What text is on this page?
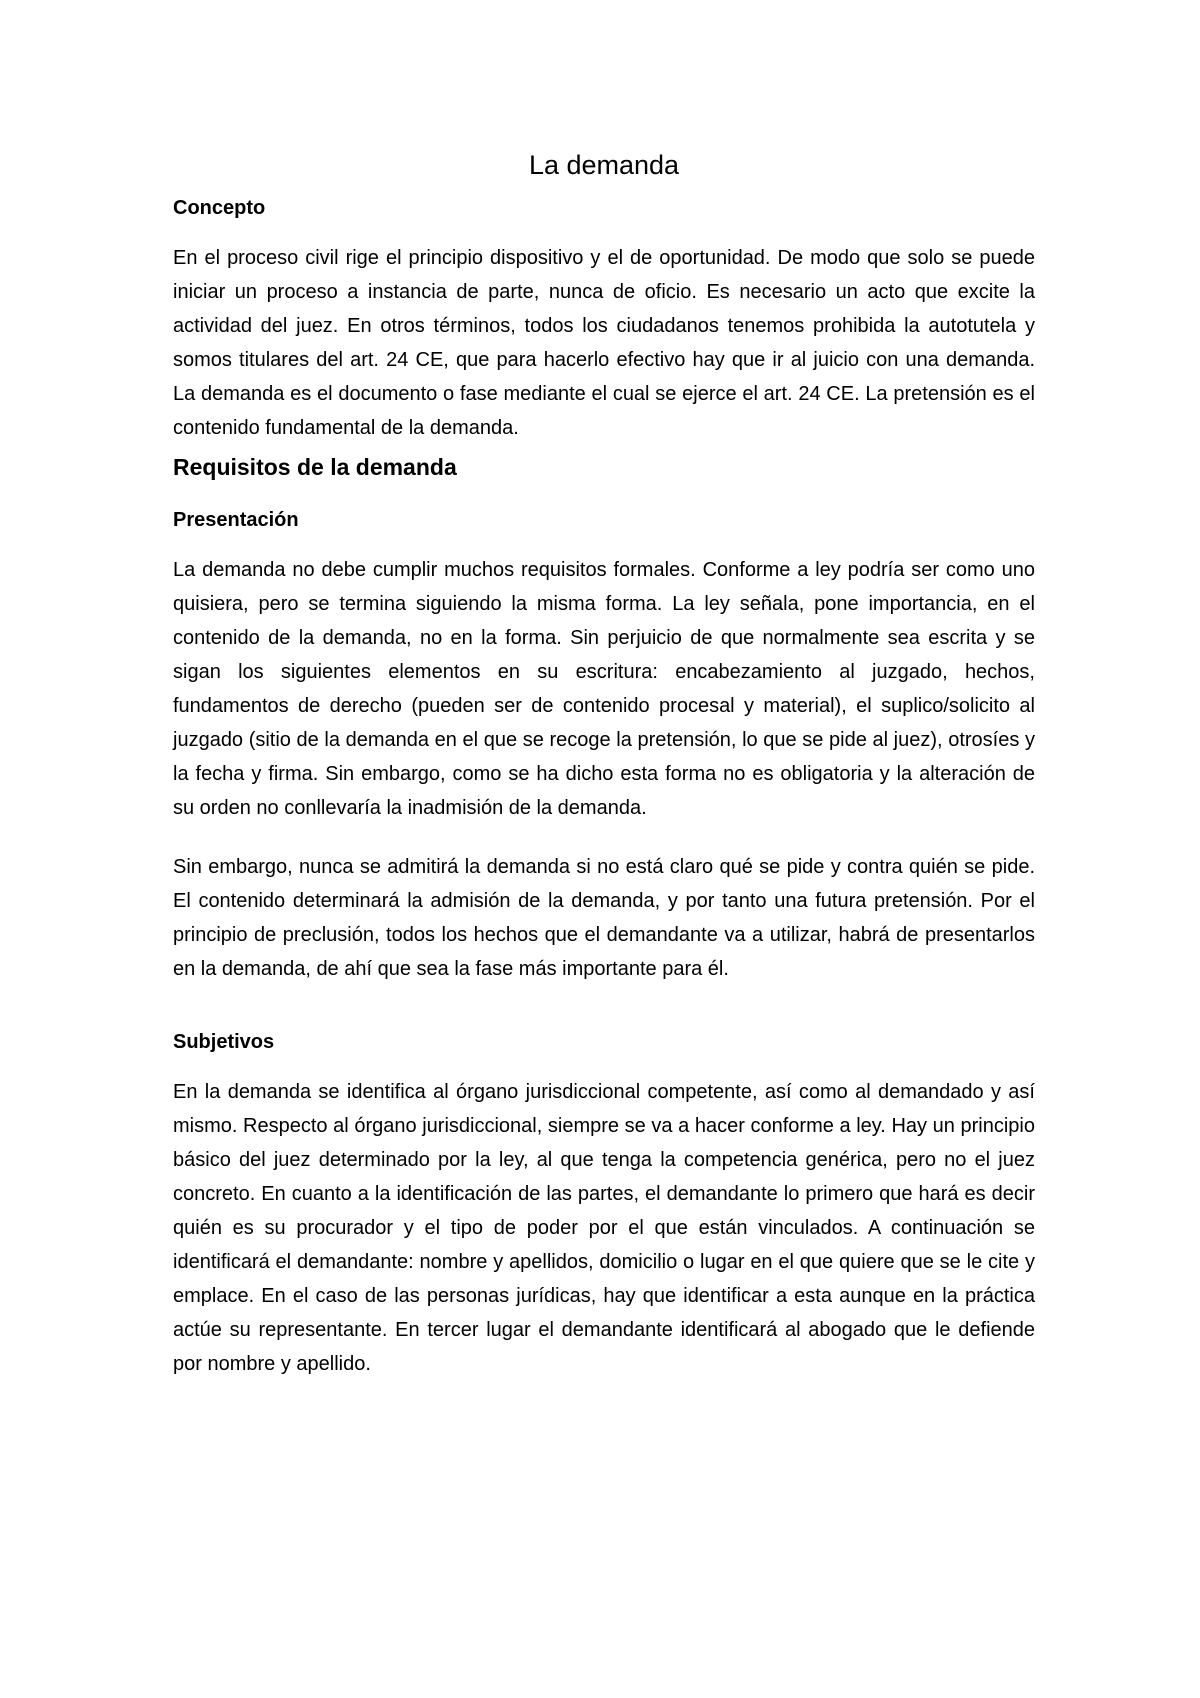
La demanda
Concepto

En el proceso civil rige el principio dispositivo y el de oportunidad. De modo que solo se puede iniciar un proceso a instancia de parte, nunca de oficio. Es necesario un acto que excite la actividad del juez. En otros términos, todos los ciudadanos tenemos prohibida la autotutela y somos titulares del art. 24 CE, que para hacerlo efectivo hay que ir al juicio con una demanda. La demanda es el documento o fase mediante el cual se ejerce el art. 24 CE. La pretensión es el contenido fundamental de la demanda.

Requisitos de la demanda
Presentación

La demanda no debe cumplir muchos requisitos formales. Conforme a ley podría ser como uno quisiera, pero se termina siguiendo la misma forma. La ley señala, pone importancia, en el contenido de la demanda, no en la forma. Sin perjuicio de que normalmente sea escrita y se sigan los siguientes elementos en su escritura: encabezamiento al juzgado, hechos, fundamentos de derecho (pueden ser de contenido procesal y material), el suplico/solicito al juzgado (sitio de la demanda en el que se recoge la pretensión, lo que se pide al juez), otrosíes y la fecha y firma. Sin embargo, como se ha dicho esta forma no es obligatoria y la alteración de su orden no conllevaría la inadmisión de la demanda.

Sin embargo, nunca se admitirá la demanda si no está claro qué se pide y contra quién se pide. El contenido determinará la admisión de la demanda, y por tanto una futura pretensión. Por el principio de preclusión, todos los hechos que el demandante va a utilizar, habrá de presentarlos en la demanda, de ahí que sea la fase más importante para él.

Subjetivos

En la demanda se identifica al órgano jurisdiccional competente, así como al demandado y así mismo. Respecto al órgano jurisdiccional, siempre se va a hacer conforme a ley. Hay un principio básico del juez determinado por la ley, al que tenga la competencia genérica, pero no el juez concreto. En cuanto a la identificación de las partes, el demandante lo primero que hará es decir quién es su procurador y el tipo de poder por el que están vinculados. A continuación se identificará el demandante: nombre y apellidos, domicilio o lugar en el que quiere que se le cite y emplace. En el caso de las personas jurídicas, hay que identificar a esta aunque en la práctica actúe su representante. En tercer lugar el demandante identificará al abogado que le defiende por nombre y apellido.
